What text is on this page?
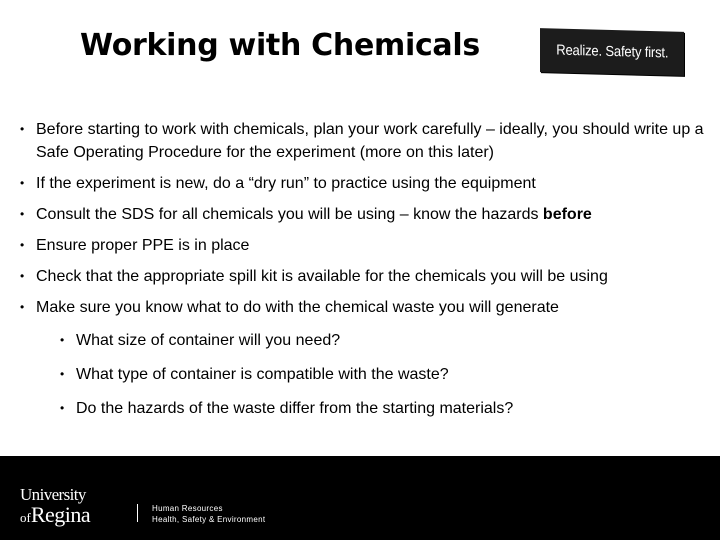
Working with Chemicals	Realize. Safety first.
• Before starting to work with chemicals, plan your work carefully – ideally, you should write up a Safe Operating Procedure for the experiment (more on this later)
• If the experiment is new, do a “dry run” to practice using the equipment
• Consult the SDS for all chemicals you will be using – know the hazards before
• Ensure proper PPE is in place
• Check that the appropriate spill kit is available for the chemicals you will be using
• Make sure you know what to do with the chemical waste you will generate
• What size of container will you need?
• What type of container is compatible with the waste?
• Do the hazards of the waste differ from the starting materials?
University
ofRegina	Human Resources
Health, Safety & Environment
